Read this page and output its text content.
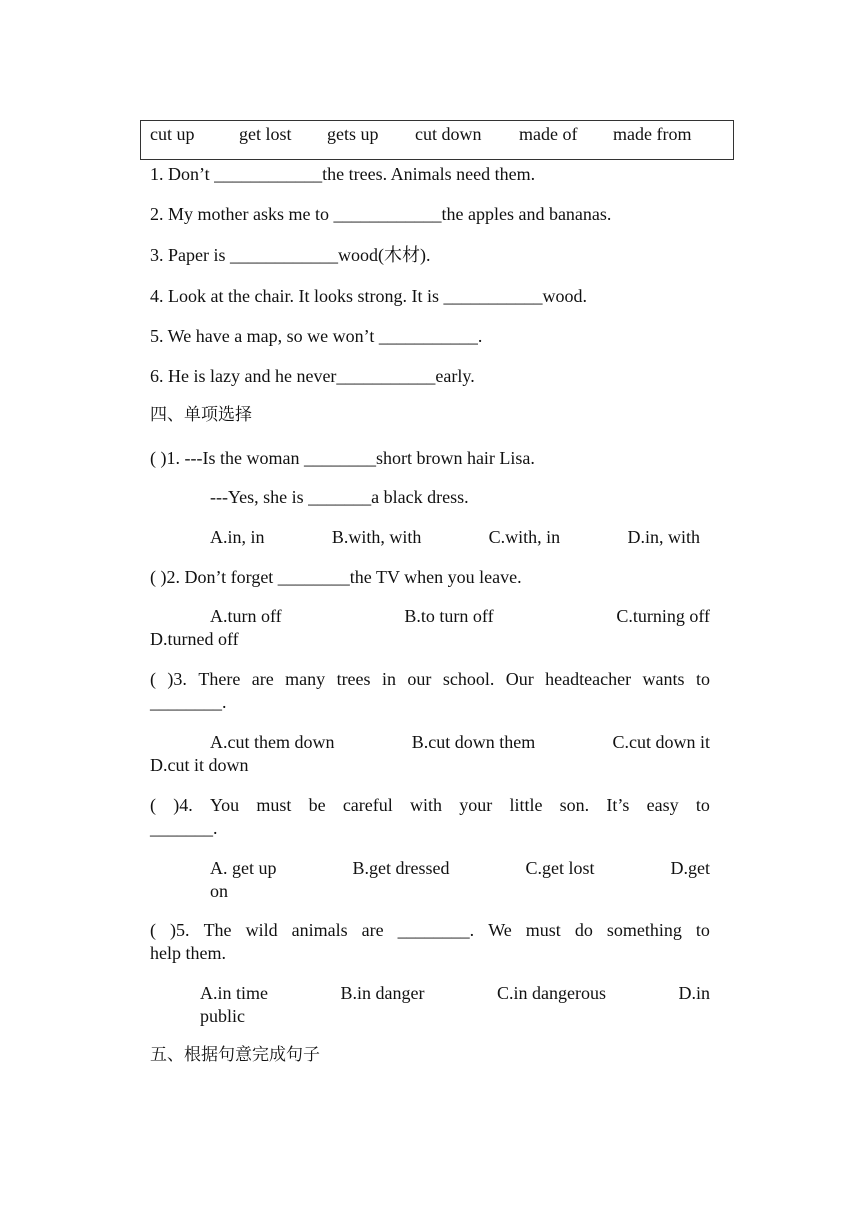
cut up get lost gets up cut down made of made from
1. Don’t ____________the trees. Animals need them.
2. My mother asks me to ____________the apples and bananas.
3. Paper is ____________wood(木材).
4. Look at the chair. It looks strong. It is ___________wood.
5. We have a map, so we won’t ___________.
6. He is lazy and he never___________early.
四、单项选择
( )1. ---Is the woman ________short brown hair Lisa.
---Yes, she is _______a black dress.
A.in, in	B.with, with	C.with, in	D.in, with
( )2. Don’t forget ________the TV when you leave.
A.turn off	B.to turn off	C.turning off
D.turned off
( )3. There are many trees in our school. Our headteacher wants to
________.
A.cut them down	B.cut down them	C.cut down it
D.cut it down
( )4. You must be careful with your little son. It’s easy to
_______.
A. get up	B.get dressed	C.get lost	D.get
on
( )5. The wild animals are ________. We must do something to
help them.
A.in time	B.in danger	C.in dangerous	D.in
public
五、根据句意完成句子
